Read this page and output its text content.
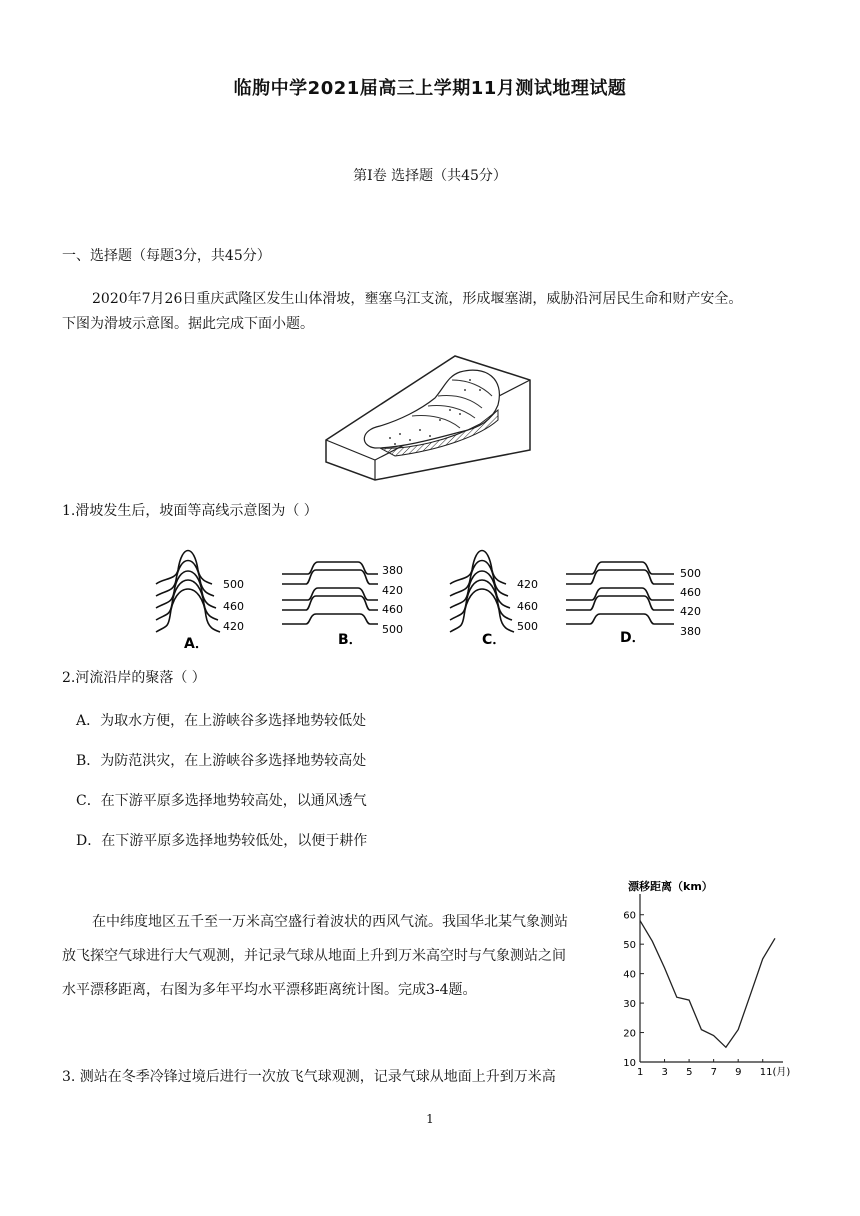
临朐中学2021届高三上学期11月测试地理试题
第Ⅰ卷 选择题（共45分）
一、选择题（每题3分，共45分）
2020年7月26日重庆武隆区发生山体滑坡，壅塞乌江支流，形成堰塞湖，威胁沿河居民生命和财产安全。
下图为滑坡示意图。据此完成下面小题。
1.滑坡发生后，坡面等高线示意图为（ ）
500
460
420
A．
380
420
460
500
B．
420
460
500
C．
500
460
420
380
D．
2.河流沿岸的聚落（ ）
A．为取水方便，在上游峡谷多选择地势较低处
B．为防范洪灾，在上游峡谷多选择地势较高处
C．在下游平原多选择地势较高处，以通风透气
D．在下游平原多选择地势较低处，以便于耕作
在中纬度地区五千至一万米高空盛行着波状的西风气流。我国华北某气象测站
放飞探空气球进行大气观测，并记录气球从地面上升到万米高空时与气象测站之间
水平漂移距离，右图为多年平均水平漂移距离统计图。完成3-4题。
3. 测站在冬季冷锋过境后进行一次放飞气球观测，记录气球从地面上升到万米高
漂移距离（km）
10
20
30
40
50
60
1 3 5 7 9 11(月)
1
